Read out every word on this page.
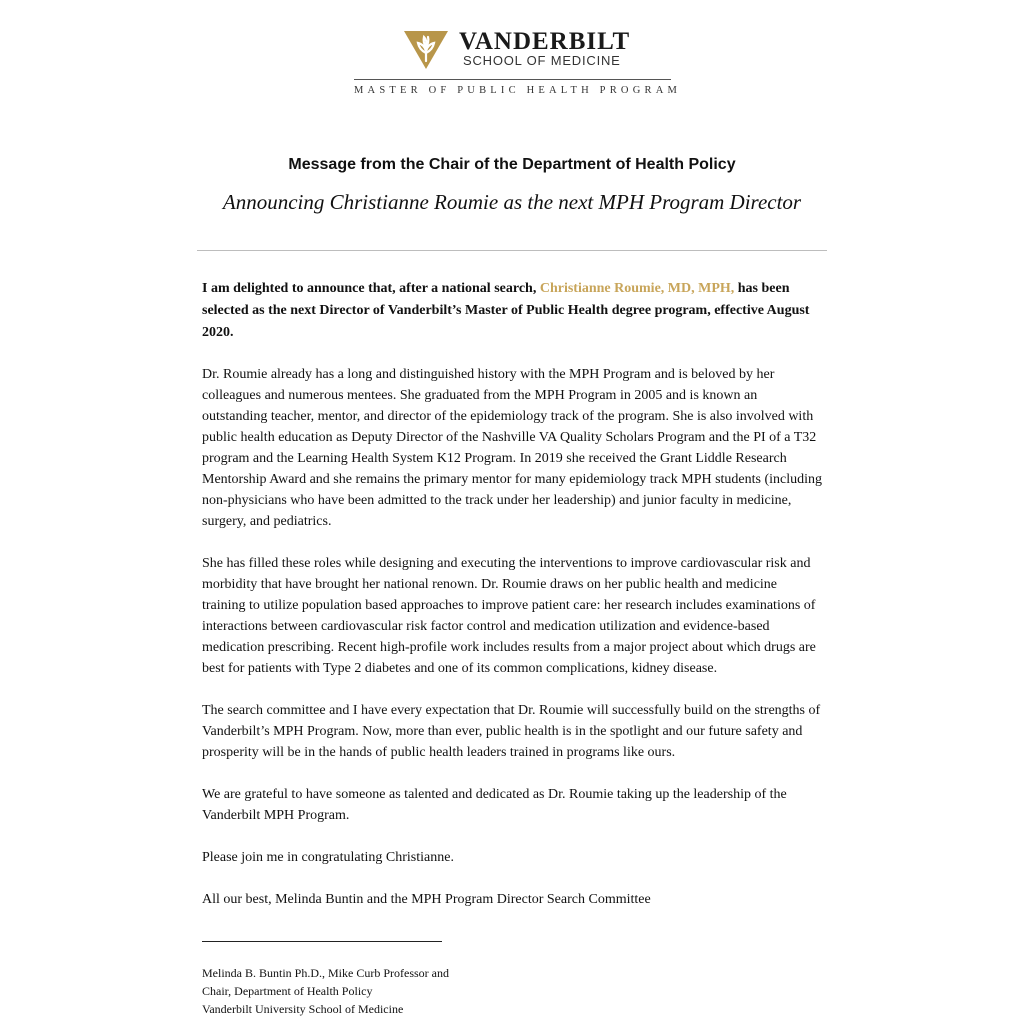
VANDERBILT
SCHOOL OF MEDICINE
MASTER OF PUBLIC HEALTH PROGRAM
Message from the Chair of the Department of Health Policy
Announcing Christianne Roumie as the next MPH Program Director

I am delighted to announce that, after a national search, Christianne Roumie, MD, MPH, has been selected as the next Director of Vanderbilt’s Master of Public Health degree program, effective August 2020.

Dr. Roumie already has a long and distinguished history with the MPH Program and is beloved by her colleagues and numerous mentees. She graduated from the MPH Program in 2005 and is known an outstanding teacher, mentor, and director of the epidemiology track of the program. She is also involved with public health education as Deputy Director of the Nashville VA Quality Scholars Program and the PI of a T32 program and the Learning Health System K12 Program. In 2019 she received the Grant Liddle Research Mentorship Award and she remains the primary mentor for many epidemiology track MPH students (including non-physicians who have been admitted to the track under her leadership) and junior faculty in medicine, surgery, and pediatrics.

She has filled these roles while designing and executing the interventions to improve cardiovascular risk and morbidity that have brought her national renown. Dr. Roumie draws on her public health and medicine training to utilize population based approaches to improve patient care: her research includes examinations of interactions between cardiovascular risk factor control and medication utilization and evidence-based medication prescribing. Recent high-profile work includes results from a major project about which drugs are best for patients with Type 2 diabetes and one of its common complications, kidney disease.

The search committee and I have every expectation that Dr. Roumie will successfully build on the strengths of Vanderbilt’s MPH Program. Now, more than ever, public health is in the spotlight and our future safety and prosperity will be in the hands of public health leaders trained in programs like ours.

We are grateful to have someone as talented and dedicated as Dr. Roumie taking up the leadership of the Vanderbilt MPH Program.

Please join me in congratulating Christianne.

All our best, Melinda Buntin and the MPH Program Director Search Committee

Melinda B. Buntin Ph.D., Mike Curb Professor and
Chair, Department of Health Policy
Vanderbilt University School of Medicine
